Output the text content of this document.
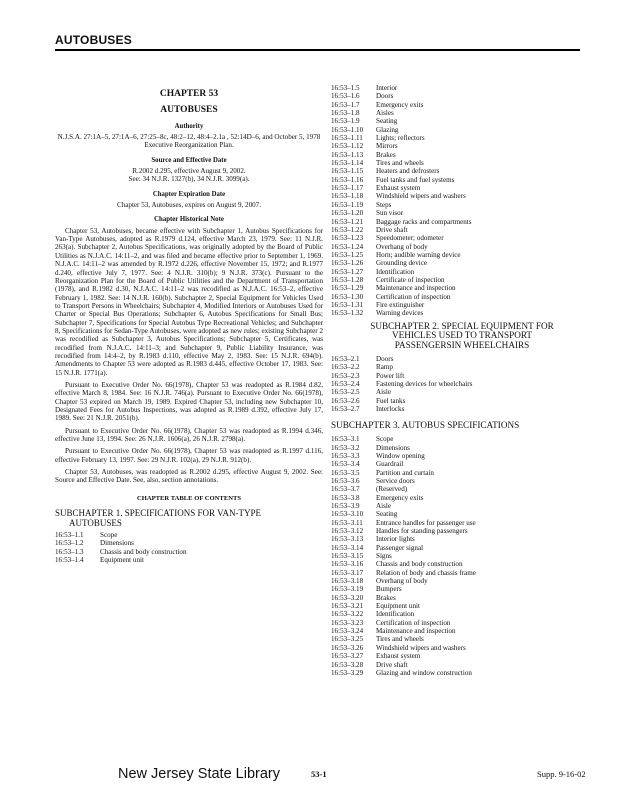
AUTOBUSES
CHAPTER 53
AUTOBUSES
Authority

N.J.S.A. 27:1A–5, 27:1A–6, 27:25–8c, 48:2–12, 48:4–2.1a , 52:14D–6, and October 5, 1978 Executive Reorganization Plan.

Source and Effective Date
R.2002 d.295, effective August 9, 2002.
See: 34 N.J.R. 1327(b), 34 N.J.R. 3099(a).
Chapter Expiration Date
Chapter 53, Autobuses, expires on August 9, 2007.
Chapter Historical Note

Chapter 53, Autobuses, became effective with Subchapter 1, Autobus Specifications for Van-Type Autobuses, adopted as R.1979 d.124, effective March 23, 1979. See: 11 N.J.R. 263(a). Subchapter 2, Autobus Specifications, was originally adopted by the Board of Public Utilities as N.J.A.C. 14:11–2, and was filed and became effective prior to September 1, 1969. N.J.A.C. 14:11–2 was amended by R.1972 d.226, effective November 15, 1972; and R.1977 d.240, effective July 7, 1977. See: 4 N.J.R. 310(b); 9 N.J.R. 373(c). Pursuant to the Reorganization Plan for the Board of Public Utilities and the Department of Transportation (1978), and R.1982 d.30, N.J.A.C. 14:11–2 was recodified as N.J.A.C. 16:53–2, effective February 1, 1982. See: 14 N.J.R. 160(b). Subchapter 2, Special Equipment for Vehicles Used to Transport Persons in Wheelchairs; Subchapter 4, Modified Interiors or Autobuses Used for Charter or Special Bus Operations; Subchapter 6, Autobus Specifications for Small Bus; Subchapter 7, Specifications for Special Autobus Type Recreational Vehicles; and Subchapter 8, Specifications for Sedan-Type Autobuses, were adopted as new rules; existing Subchapter 2 was recodified as Subchapter 3, Autobus Specifications; Subchapter 5, Certificates, was recodified from N.J.A.C. 14:11–3; and Subchapter 9, Public Liability Insurance, was recodified from 14:4–2, by R.1983 d.110, effective May 2, 1983. See: 15 N.J.R. 694(b). Amendments to Chapter 53 were adopted as R.1983 d.445, effective October 17, 1983. See: 15 N.J.R. 1771(a).

Pursuant to Executive Order No. 66(1978), Chapter 53 was readopted as R.1984 d.82, effective March 8, 1984. See: 16 N.J.R. 746(a). Pursuant to Executive Order No. 66(1978), Chapter 53 expired on March 19, 1989. Expired Chapter 53, including new Subchapter 10, Designated Fees for Autobus Inspections, was adopted as R.1989 d.392, effective July 17, 1989. See: 21 N.J.R. 2051(b).

Pursuant to Executive Order No. 66(1978), Chapter 53 was readopted as R.1994 d.346, effective June 13, 1994. See: 26 N.J.R. 1606(a), 26 N.J.R. 2798(a).

Pursuant to Executive Order No. 66(1978), Chapter 53 was readopted as R.1997 d.116, effective February 13, 1997. See: 29 N.J.R. 102(a), 29 N.J.R. 912(b).

Chapter 53, Autobuses, was readopted as R.2002 d.295, effective August 9, 2002. See: Source and Effective Date. See, also, section annotations.

CHAPTER TABLE OF CONTENTS
SUBCHAPTER 1. SPECIFICATIONS FOR VAN-TYPE
AUTOBUSES
16:53–1.1	Scope
16:53–1.2	Dimensions
16:53–1.3	Chassis and body construction
16:53–1.4	Equipment unit
16:53–1.5	Interior
16:53–1.6	Doors
16:53–1.7	Emergency exits
16:53–1.8	Aisles
16:53–1.9	Seating
16:53–1.10	Glazing
16:53–1.11	Lights; reflectors
16:53–1.12	Mirrors
16:53–1.13	Brakes
16:53–1.14	Tires and wheels
16:53–1.15	Heaters and defrosters
16:53–1.16	Fuel tanks and fuel systems
16:53–1.17	Exhaust system
16:53–1.18	Windshield wipers and washers
16:53–1.19	Steps
16:53–1.20	Sun visor
16:53–1.21	Baggage racks and compartments
16:53–1.22	Drive shaft
16:53–1.23	Speedometer; odometer
16:53–1.24	Overhang of body
16:53–1.25	Horn; audible warning device
16:53–1.26	Grounding device
16:53–1.27	Identification
16:53–1.28	Certificate of inspection
16:53–1.29	Maintenance and inspection
16:53–1.30	Certification of inspection
16:53–1.31	Fire extinguisher
16:53–1.32	Warning devices
SUBCHAPTER 2. SPECIAL EQUIPMENT FOR
VEHICLES USED TO TRANSPORT
PASSENGERSIN WHEELCHAIRS
16:53–2.1	Doors
16:53–2.2	Ramp
16:53–2.3	Power lift
16:53–2.4	Fastening devices for wheelchairs
16:53–2.5	Aisle
16:53–2.6	Fuel tanks
16:53–2.7	Interlocks
SUBCHAPTER 3. AUTOBUS SPECIFICATIONS
16:53–3.1	Scope
16:53–3.2	Dimensions
16:53–3.3	Window opening
16:53–3.4	Guardrail
16:53–3.5	Partition and curtain
16:53–3.6	Service doors
16:53–3.7	(Reserved)
16:53–3.8	Emergency exits
16:53–3.9	Aisle
16:53–3.10	Seating
16:53–3.11	Entrance handles for passenger use
16:53–3.12	Handles for standing passengers
16:53–3.13	Interior lights
16:53–3.14	Passenger signal
16:53–3.15	Signs
16:53–3.16	Chassis and body construction
16:53–3.17	Relation of body and chassis frame
16:53–3.18	Overhang of body
16:53–3.19	Bumpers
16:53–3.20	Brakes
16:53–3.21	Equipment unit
16:53–3.22	Identification
16:53–3.23	Certification of inspection
16:53–3.24	Maintenance and inspection
16:53–3.25	Tires and wheels
16:53–3.26	Windshield wipers and washers
16:53–3.27	Exhaust system
16:53–3.28	Drive shaft
16:53–3.29	Glazing and window construction
New Jersey State Library	53-1	Supp. 9-16-02
